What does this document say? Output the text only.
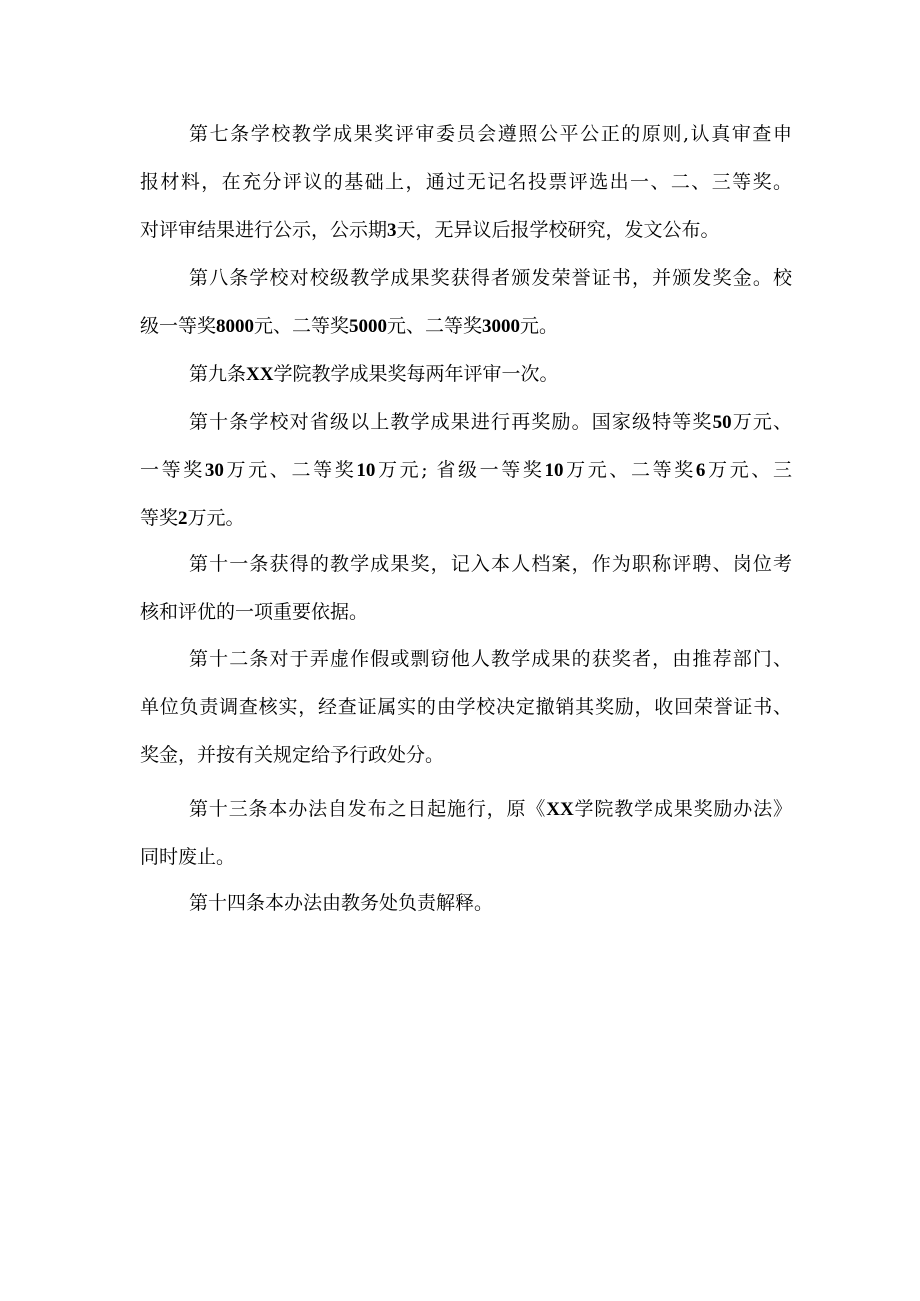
第七条学校教学成果奖评审委员会遵照公平公正的原则,认真审查申
报材料，在充分评议的基础上，通过无记名投票评选出一、二、三等奖。
对评审结果进行公示，公示期3天，无异议后报学校研究，发文公布。
第八条学校对校级教学成果奖获得者颁发荣誉证书，并颁发奖金。校
级一等奖8000元、二等奖5000元、二等奖3000元。
第九条XX学院教学成果奖每两年评审一次。
第十条学校对省级以上教学成果进行再奖励。国家级特等奖50万元、
一等奖30万元、二等奖10万元; 省级一等奖10万元、二等奖6万元、三
等奖2万元。
第十一条获得的教学成果奖，记入本人档案，作为职称评聘、岗位考
核和评优的一项重要依据。
第十二条对于弄虚作假或剽窃他人教学成果的获奖者，由推荐部门、
单位负责调查核实，经查证属实的由学校决定撤销其奖励，收回荣誉证书、
奖金，并按有关规定给予行政处分。
第十三条本办法自发布之日起施行，原《XX学院教学成果奖励办法》
同时废止。
第十四条本办法由教务处负责解释。
